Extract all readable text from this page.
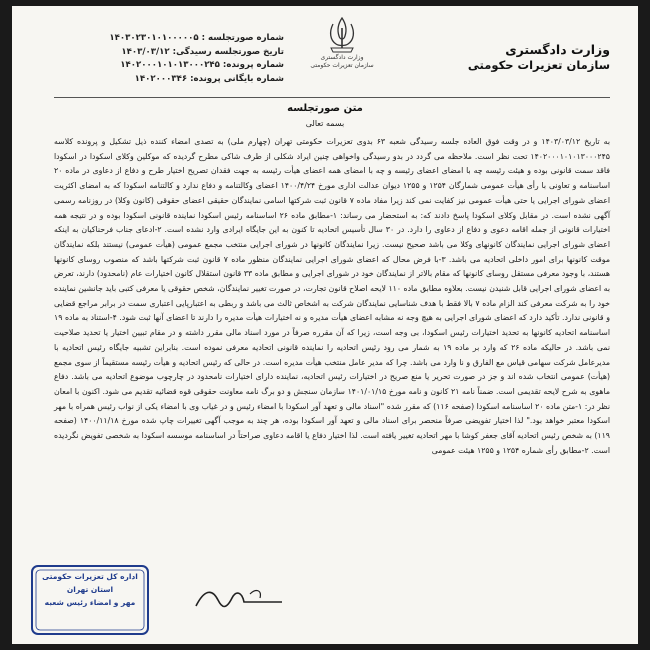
شماره صورتجلسه : ۱۴۰۳۰۲۳۰۱۰۱۰۰۰۰۰۵
تاریخ صورتجلسه رسیدگی: ۱۴۰۳/۰۳/۱۲
شماره پرونده: ۱۴۰۲۰۰۰۱۰۱۰۱۳۰۰۰۲۴۵
شماره بایگانی پرونده: ۱۴۰۲۰۰۰۳۴۶
وزارت دادگستری
سازمان تعزیرات حکومتی
وزارت دادگستری
سازمان تعزیرات حکومتی
متن صورتجلسه
بسمه تعالی

به تاریخ ۱۴۰۳/۰۳/۱۲ و در وقت فوق العاده جلسه رسیدگی شعبه ۶۳ بدوی تعزیرات حکومتی تهران (چهارم ملی) به تصدی امضاء کننده ذیل تشکیل و پرونده کلاسه ۱۴۰۲۰۰۰۱۰۱۰۱۳۰۰۰۲۴۵ تحت نظر است. ملاحظه می گردد در بدو رسیدگی واخواهی چنین ایراد شکلی از طرف شاکی مطرح گردیده که موکلین وکلای اسکودا در اسکودا فاقد سمت قانونی بوده و هیئت رئیسه چه با امضای اعضای رئیسه و چه با امضای همه اعضای هیأت رئیسه به جهت فقدان تصریح اختیار طرح و دفاع از دعاوی در ماده ۲۰ اساسنامه و تعاونی با رأی هیأت عمومی شمارگان ۱۲۵۴ و ۱۲۵۵ دیوان عدالت اداری مورخ ۱۴۰۰/۴/۲۴ اعضای وکالتنامه و دفاع ندارد و کالتنامه اسکودا که به امضای اکثریت اعضای شورای اجرایی یا حتی هیأت عمومی نیز کفایت نمی کند زیرا مفاد ماده ۷ قانون ثبت شرکتها اسامی نمایندگان حقیقی اعضای حقوقی (کانون وکلا) در روزنامه رسمی آگهی نشده است. در مقابل وکلای اسکودا پاسخ دادند که: به استحضار می رساند: ۱-مطابق ماده ۲۶ اساسنامه رئیس اسکودا نماینده قانونی اسکودا بوده و در نتیجه همه اختیارات قانونی از جمله اقامه دعوی و دفاع از دعاوی را دارد. در ۳۰ سال تأسیس اتحادیه تا کنون به این جایگاه ایرادی وارد نشده است. ۲-ادعای جناب فرحناکیان به اینکه اعضای شورای اجرایی نمایندگان کانونهای وکلا می باشد صحیح نیست. زیرا نمایندگان کانونها در شورای اجرایی منتخب مجمع عمومی (هیأت عمومی) نیستند بلکه نمایندگان موقت کانونها برای امور داخلی اتحادیه می باشد. ۳-با فرض محال که اعضای شورای اجرایی نمایندگان منظور ماده ۷ قانون ثبت شرکتها باشد که منصوب روسای کانونها هستند، با وجود معرفی مستقل روسای کانونها که مقام بالاتر از نمایندگان خود در شورای اجرایی و مطابق ماده ۳۳ قانون استقلال کانون اختیارات عام (نامحدود) دارند، تعرض به اعضای شورای اجرایی قابل شنیدن نیست. بعلاوه مطابق ماده ۱۱۰ لایحه اصلاح قانون تجارت، در صورت تغییر نمایندگان، شخص حقوقی یا معرفی کتبی باید جانشین نماینده خود را به شرکت معرفی کند الزام ماده ۷ بالا فقط با هدف شناسایی نمایندگان شرکت به اشخاص ثالث می باشد و ربطی به اعتبارپایی اعتباری سمت در برابر مراجع قضایی و قانونی ندارد. تأکید دارد که اعضای شورای اجرایی به هیچ وجه نه مشابه اعضای هیأت مدیره و نه اختیارات هیأت مدیره را دارند تا اعضای آنها ثبت شود. ۴-استناد به ماده ۱۹ اساسنامه اتحادیه کانونها به تحدید اختیارات رئیس اسکودا، بی وجه است، زیرا که آن مقرره صرفاً در مورد اسناد مالی مقرر داشته و در مقام تبیین اختیار یا تحدید صلاحیت نمی باشد. در حالیکه ماده ۲۶ که وارد بر ماده ۱۹ به شمار می رود رئیس اتحادیه را نماینده قانونی اتحادیه معرفی نموده است. بنابراین تشبیه جایگاه رئیس اتحادیه با مدیرعامل شرکت سهامی قیاس مع الفارق و نا وارد می باشد. چرا که مدیر عامل منتخب هیأت مدیره است. در حالی که رئیس اتحادیه و هیأت رئیسه مستقیماً از سوی مجمع (هیأت) عمومی انتخاب شده اند و جز در صورت تحریر یا منع صریح در اختیارات رئیس اتحادیه، نماینده دارای اختیارات نامحدود در چارچوب موضوع اتحادیه می باشد. دفاع ماهوی به شرح لایحه تقدیمی است. ضمناً نامه ۲۱ کانون و نامه مورخ ۱۴۰۱/۰۱/۱۵ سازمان سنجش و دو برگ نامه معاونت حقوقی قوه قضائیه تقدیم می شود. اکنون با امعان نظر در: ۱-متن ماده ۲۰ اساسنامه اسکودا (صفحه ۱۱۶) که مقرر شده "اسناد مالی و تعهد آور اسکودا با امضاء رئیس و در غیاب وی با امضاء یکی از نواب رئیس همراه با مهر اسکودا معتبر خواهد بود." لذا اختیار تفویضی صرفاً منحصر برای اسناد مالی و تعهد آور اسکودا بوده، هر چند به موجب آگهی تغییرات چاپ شده مورخ ۱۴۰۰/۱۱/۱۸ (صفحه ۱۱۹) به شخص رئیس اتحادیه آقای جعفر کوشا با مهر اتحادیه تغییر یافته است. لذا اختیار دفاع یا اقامه دعاوی صراحتاً در اساسنامه موسسه اسکودا به شخصی تفویض نگردیده است. ۲-مطابق رأی شماره ۱۲۵۴ و ۱۲۵۵ هیئت عمومی

اداره کل تعزیرات حکومتی
استان تهران
مهر و امضاء رئیس شعبه
